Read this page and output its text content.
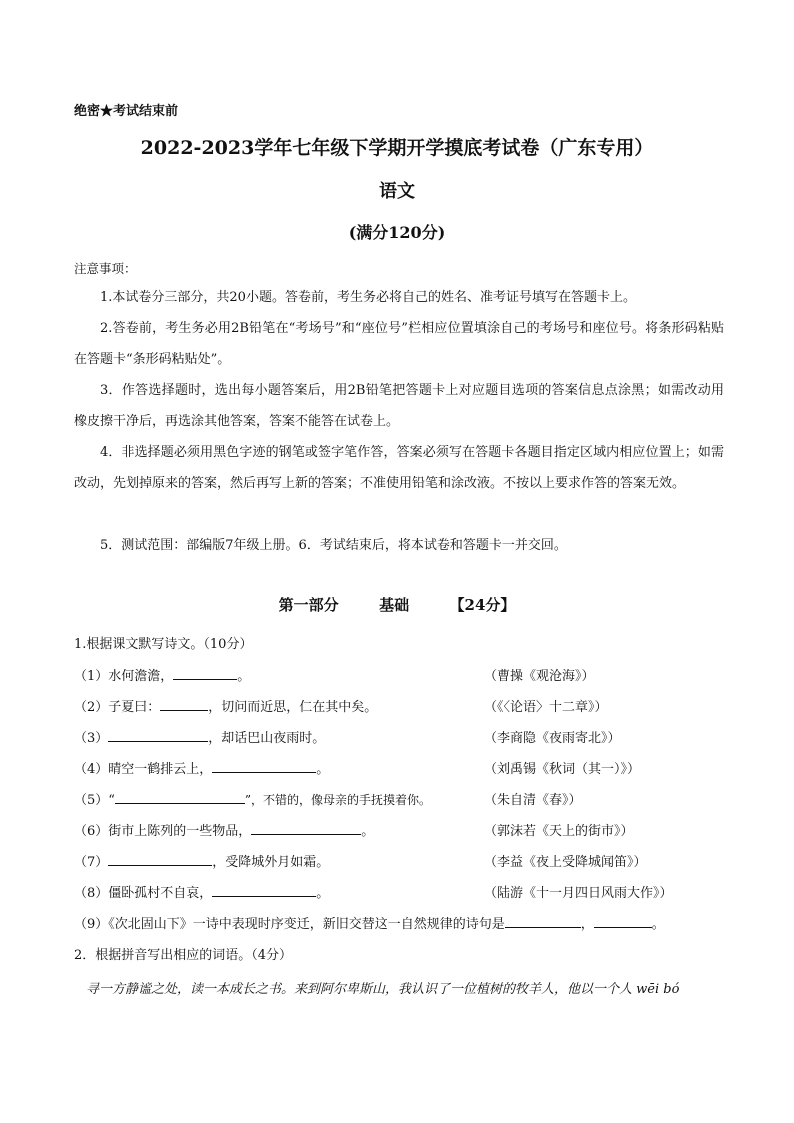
绝密★考试结束前
2022-2023学年七年级下学期开学摸底考试卷（广东专用）
语文
(满分120分)
注意事项：
1.本试卷分三部分，共20小题。答卷前，考生务必将自己的姓名、准考证号填写在答题卡上。
2.答卷前，考生务必用2B铅笔在“考场号”和“座位号”栏相应位置填涂自己的考场号和座位号。将条形码粘贴在答题卡“条形码粘贴处”。
3．作答选择题时，选出每小题答案后，用2B铅笔把答题卡上对应题目选项的答案信息点涂黑；如需改动用橡皮擦干净后，再选涂其他答案，答案不能答在试卷上。
4．非选择题必须用黑色字迹的钢笔或签字笔作答，答案必须写在答题卡各题目指定区域内相应位置上；如需改动，先划掉原来的答案，然后再写上新的答案；不准使用铅笔和涂改液。不按以上要求作答的答案无效。
5．测试范围：部编版7年级上册。6．考试结束后，将本试卷和答题卡一并交回。
第一部分	基础	【24分】
1.根据课文默写诗文。（10分）
（1）水何澹澹，	。	（曹操《观沧海》）
（2）子夏曰：	，切问而近思，仁在其中矣。	（《〈论语〉十二章》）
（3）	，却话巴山夜雨时。	（李商隐《夜雨寄北》）
（4）晴空一鹤排云上，	。	（刘禹锡《秋词（其一）》）
（5）“	”，不错的，像母亲的手抚摸着你。	（朱自清《春》）
（6）街市上陈列的一些物品，	。	（郭沫若《天上的街市》）
（7）	，受降城外月如霜。	（李益《夜上受降城闻笛》）
（8）僵卧孤村不自哀，	。	（陆游《十一月四日风雨大作》）
（9）《次北固山下》一诗中表现时序变迁，新旧交替这一自然规律的诗句是	，	。
2．根据拼音写出相应的词语。（4分）
寻一方静谧之处，读一本成长之书。来到阿尔卑斯山，我认识了一位植树的牧羊人，他以一个人 wēi bó
